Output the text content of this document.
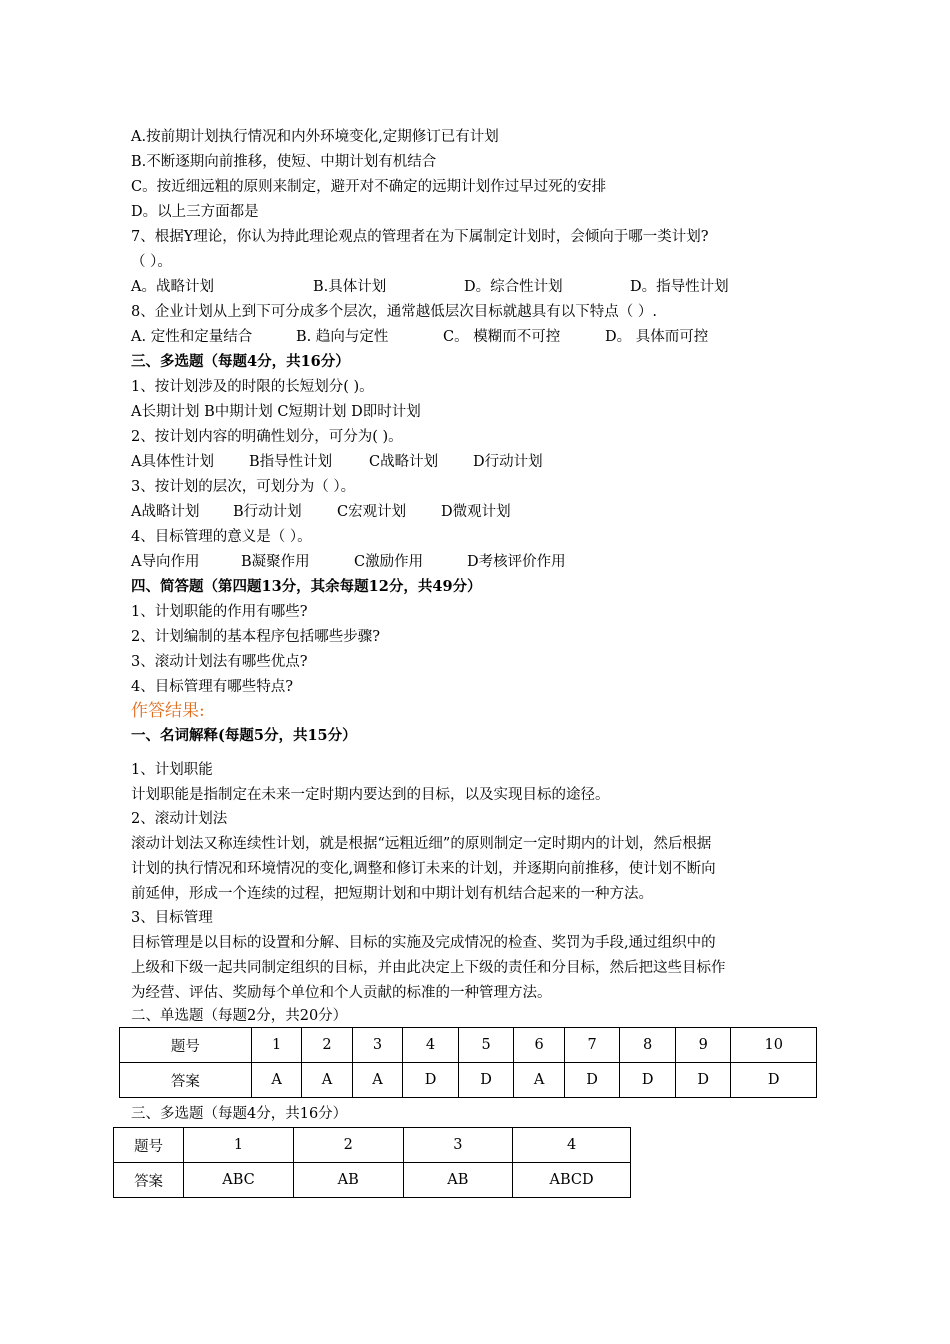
A.按前期计划执行情况和内外环境变化,定期修订已有计划
B.不断逐期向前推移，使短、中期计划有机结合
C。按近细远粗的原则来制定，避开对不确定的远期计划作过早过死的安排
D。以上三方面都是
7、根据Y理论，你认为持此理论观点的管理者在为下属制定计划时，会倾向于哪一类计划?
（ ）。
A。战略计划	B.具体计划	D。综合性计划	D。指导性计划
8、企业计划从上到下可分成多个层次，通常越低层次目标就越具有以下特点（ ）.
A. 定性和定量结合	B. 趋向与定性	C。 模糊而不可控	D。 具体而可控
三、多选题（每题4分，共16分）
1、按计划涉及的时限的长短划分( )。
A长期计划 B中期计划 C短期计划 D即时计划
2、按计划内容的明确性划分，可分为( )。
A具体性计划 B指导性计划	C战略计划 D行动计划
3、按计划的层次，可划分为（ ）。
A战略计划 B行动计划 C宏观计划 D微观计划
4、目标管理的意义是（ ）。
A导向作用	B凝聚作用	C激励作用	D考核评价作用
四、简答题（第四题13分，其余每题12分，共49分）
1、计划职能的作用有哪些?
2、计划编制的基本程序包括哪些步骤?
3、滚动计划法有哪些优点?
4、目标管理有哪些特点?
作答结果:
一、名词解释(每题5分，共15分）
1、计划职能
计划职能是指制定在未来一定时期内要达到的目标，以及实现目标的途径。
2、滚动计划法
滚动计划法又称连续性计划，就是根据“远粗近细”的原则制定一定时期内的计划，然后根据
计划的执行情况和环境情况的变化,调整和修订未来的计划，并逐期向前推移，使计划不断向
前延伸，形成一个连续的过程，把短期计划和中期计划有机结合起来的一种方法。
3、目标管理
目标管理是以目标的设置和分解、目标的实施及完成情况的检查、奖罚为手段,通过组织中的
上级和下级一起共同制定组织的目标，并由此决定上下级的责任和分目标，然后把这些目标作
为经营、评估、奖励每个单位和个人贡献的标准的一种管理方法。
二、单选题（每题2分，共20分）
题号	1	2	3	4	5	6	7	8	9	10
答案	A	A	A	D	D	A	D	D	D	D
三、多选题（每题4分，共16分）
题号	1	2	3	4
答案	ABC	AB	AB	ABCD
